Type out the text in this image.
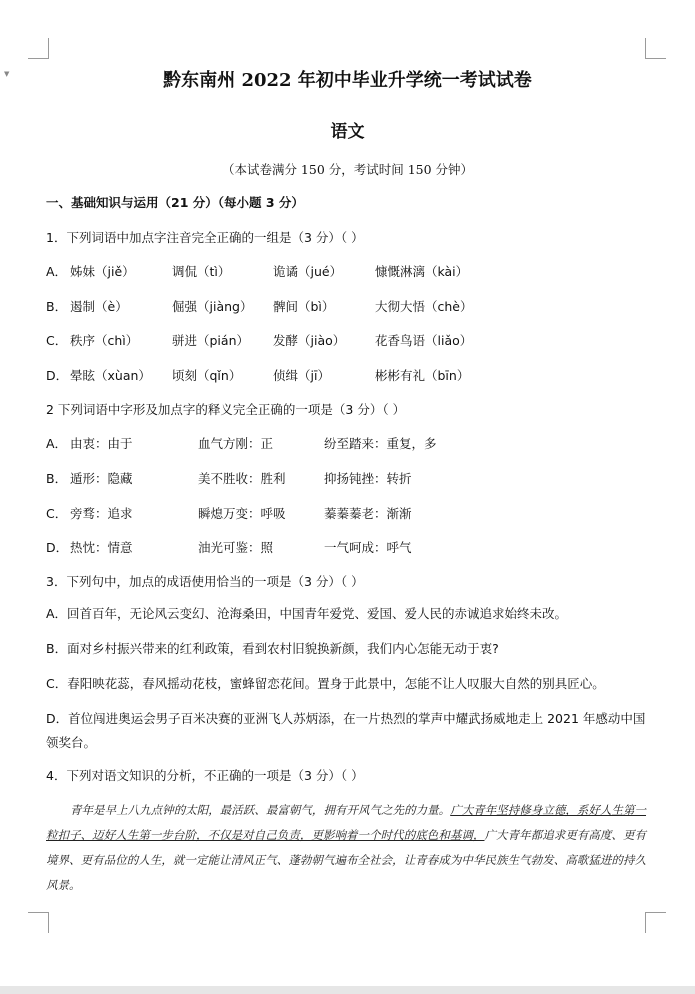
▼	黔东南州 2022 年初中毕业升学统一考试试卷
语文
（本试卷满分 150 分，考试时间 150 分钟）
一、基础知识与运用（21 分）（每小题 3 分）
1．下列词语中加点字注音完全正确的一组是（3 分）（ ）
A． 姊妹（jiě）	调侃（tì）	诡谲（jué）	慷慨淋漓（kài）
B． 遏制（è）	倔强（jiàng） 髀间（bì）	大彻大悟（chè）
C． 秩序（chì）	骈进（pián） 发酵（jiào） 花香鸟语（liǎo）
D． 晕眩（xùan） 顷刻（qǐn）	侦缉（jī）	彬彬有礼（bīn）
2 下列词语中字形及加点字的释义完全正确的一项是（3 分）（ ）
A． 由衷：由于	血气方刚：正	纷至踏来：重复，多
B． 遁形：隐藏	美不胜收：胜利	抑扬钝挫：转折
C． 旁骛：追求	瞬熄万变：呼吸	蓁蓁蓁老：渐渐
D． 热忱：情意	油光可鉴：照	一气呵成：呼气
3．下列句中，加点的成语使用恰当的一项是（3 分）（ ）
A．回首百年，无论风云变幻、沧海桑田，中国青年爱党、爱国、爱人民的赤诚追求始终未改。
B．面对乡村振兴带来的红利政策，看到农村旧貌换新颜，我们内心怎能无动于衷?
C．春阳映花蕊，春风摇动花枝，蜜蜂留恋花间。置身于此景中，怎能不让人叹服大自然的别具匠心。
D．首位闯进奥运会男子百米决赛的亚洲飞人苏炳添，在一片热烈的掌声中耀武扬威地走上 2021 年感动中国领奖台。
4．下列对语文知识的分析，不正确的一项是（3 分）（ ）
青年是早上八九点钟的太阳，最活跃、最富朝气，拥有开风气之先的力量。广大青年坚持修身立德，系好人生第一粒扣子、迈好人生第一步台阶，不仅是对自己负责，更影响着一个时代的底色和基调，广大青年都追求更有高度、更有境界、更有品位的人生，就一定能让清风正气、蓬勃朝气遍布全社会，让青春成为中华民族生气勃发、高歌猛进的持久风景。
